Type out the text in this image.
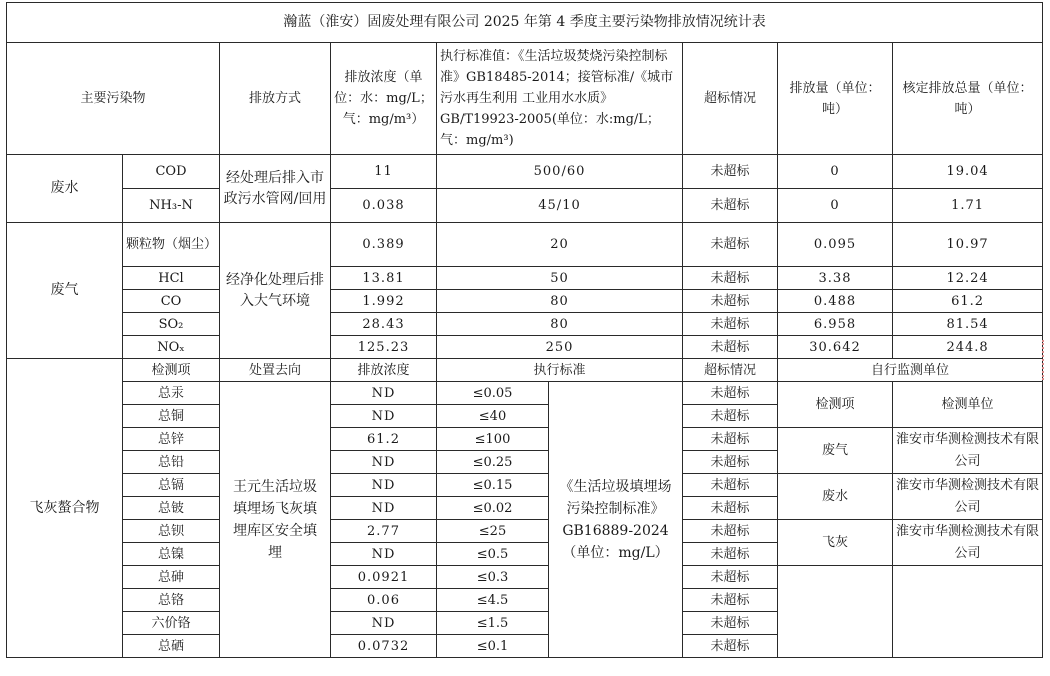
瀚蓝（淮安）固废处理有限公司 2025 年第 4 季度主要污染物排放情况统计表								
主要污染物		排放方式	排放浓度（单位：水：mg/L；气：mg/m³）	执行标准值：《生活垃圾焚烧污染控制标准》GB18485-2014；接管标准/《城市污水再生利用 工业用水水质》GB/T19923-2005(单位：水:mg/L；气：mg/m³)		超标情况	排放量（单位：吨）	核定排放总量（单位：吨）
废水	COD	经处理后排入市政污水管网/回用	11	500/60		未超标	0	19.04
	NH₃-N		0.038	45/10		未超标	0	1.71
废气	颗粒物（烟尘）	经净化处理后排入大气环境	0.389	20		未超标	0.095	10.97
	HCl		13.81	50		未超标	3.38	12.24
	CO		1.992	80		未超标	0.488	61.2
	SO₂		28.43	80		未超标	6.958	81.54
	NOₓ		125.23	250		未超标	30.642	244.8
飞灰螯合物	检测项	处置去向	排放浓度	执行标准		超标情况	自行监测单位	
	总汞	王元生活垃圾填埋场飞灰填埋库区安全填埋	ND	≤0.05	《生活垃圾填埋场污染控制标准》GB16889-2024（单位：mg/L）	未超标	检测项	检测单位
	总铜		ND	≤40		未超标		
	总锌		61.2	≤100		未超标	废气	淮安市华测检测技术有限公司
	总铅		ND	≤0.25		未超标		
	总镉		ND	≤0.15		未超标	废水	淮安市华测检测技术有限公司
	总铍		ND	≤0.02		未超标		
	总钡		2.77	≤25		未超标	飞灰	淮安市华测检测技术有限公司
	总镍		ND	≤0.5		未超标		
	总砷		0.0921	≤0.3		未超标		
	总铬		0.06	≤4.5		未超标		
	六价铬		ND	≤1.5		未超标		
	总硒		0.0732	≤0.1		未超标		
